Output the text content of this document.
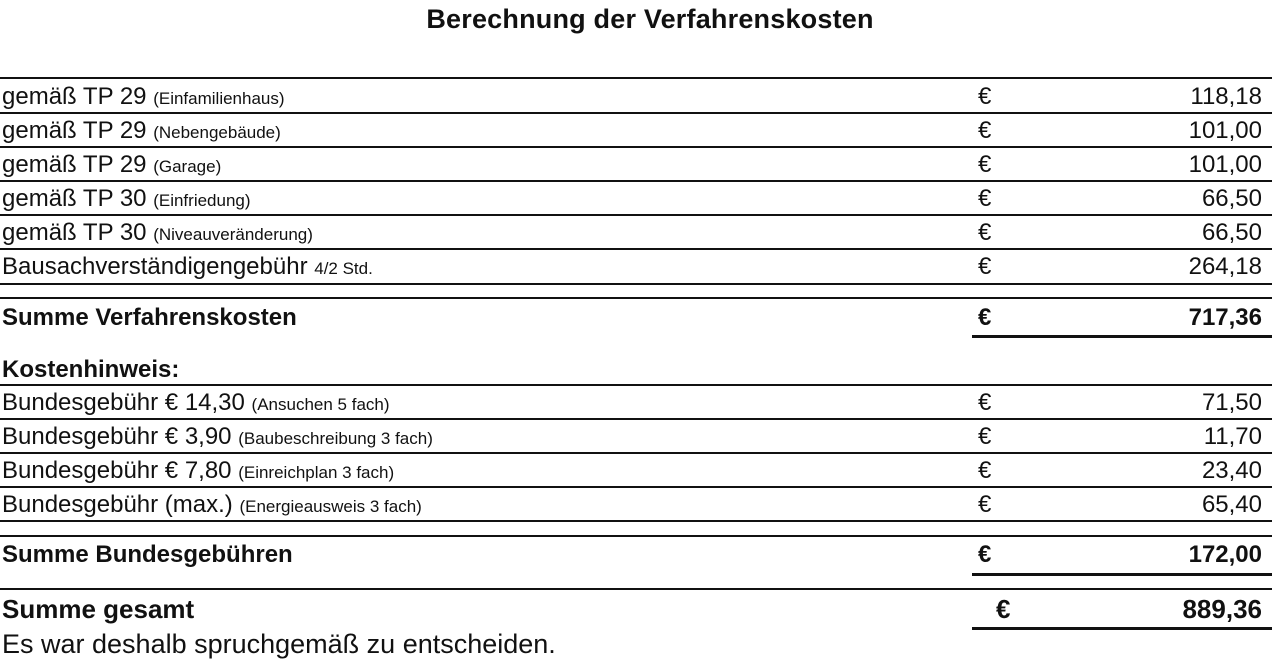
Berechnung der Verfahrenskosten
gemäß TP 29 (Einfamilienhaus)	€	118,18
gemäß TP 29 (Nebengebäude)	€	101,00
gemäß TP 29 (Garage)	€	101,00
gemäß TP 30 (Einfriedung)	€	66,50
gemäß TP 30 (Niveauveränderung)	€	66,50
Bausachverständigengebühr 4/2 Std.	€	264,18
Summe Verfahrenskosten	€	717,36
Kostenhinweis:
Bundesgebühr € 14,30 (Ansuchen 5 fach)	€	71,50
Bundesgebühr € 3,90 (Baubeschreibung 3 fach)	€	11,70
Bundesgebühr € 7,80 (Einreichplan 3 fach)	€	23,40
Bundesgebühr (max.) (Energieausweis 3 fach)	€	65,40
Summe Bundesgebühren	€	172,00
Summe gesamt	€	889,36
Es war deshalb spruchgemäß zu entscheiden.
